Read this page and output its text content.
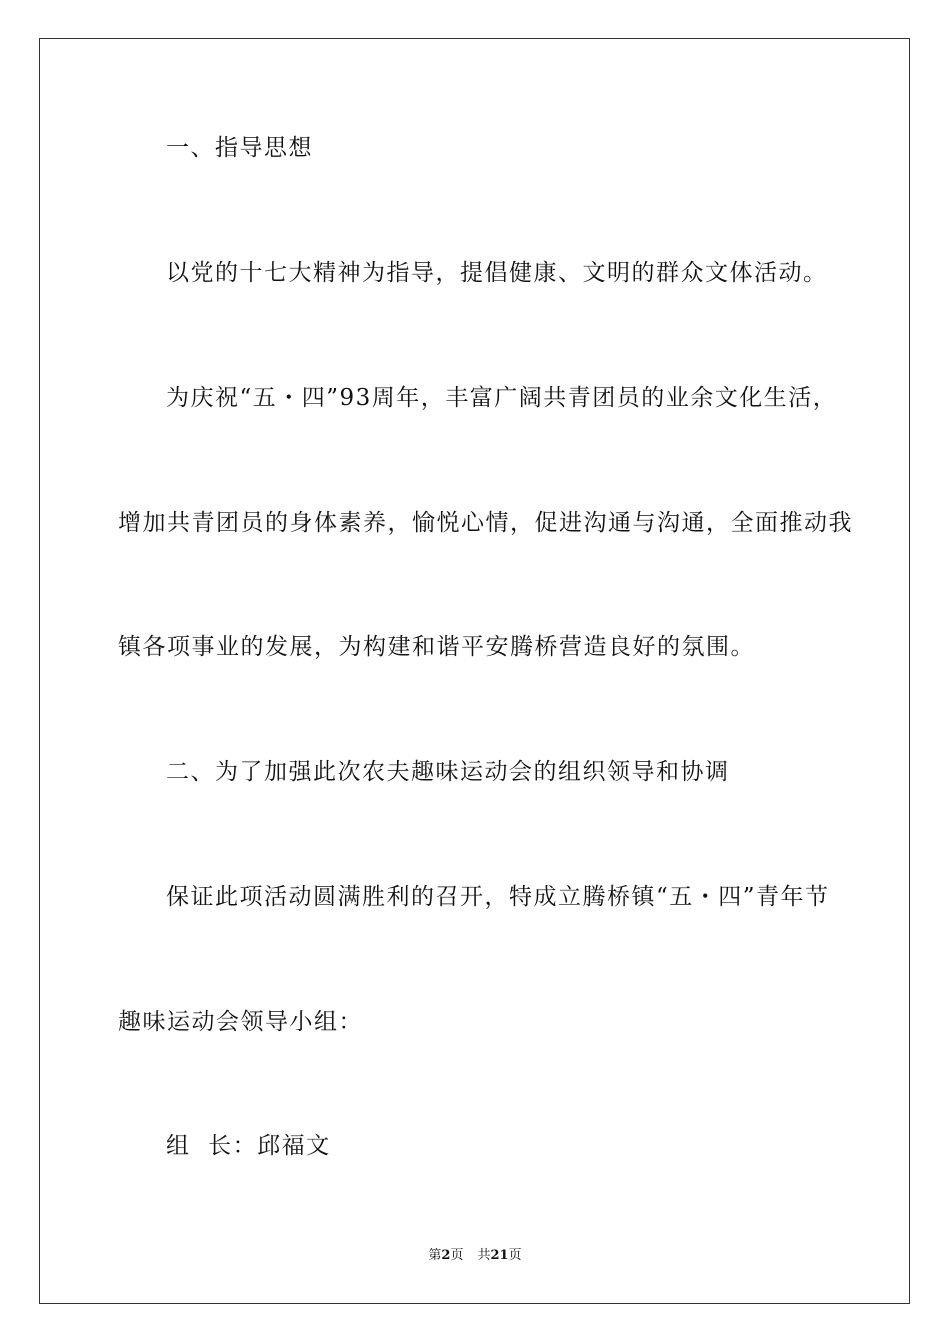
一、指导思想
以党的十七大精神为指导，提倡健康、文明的群众文体活动。
为庆祝“五・四”93周年，丰富广阔共青团员的业余文化生活，
增加共青团员的身体素养，愉悦心情，促进沟通与沟通，全面推动我
镇各项事业的发展，为构建和谐平安腾桥营造良好的氛围。
二、为了加强此次农夫趣味运动会的组织领导和协调
保证此项活动圆满胜利的召开，特成立腾桥镇“五・四”青年节
趣味运动会领导小组：
组  长：邱福文
第2页 共21页
